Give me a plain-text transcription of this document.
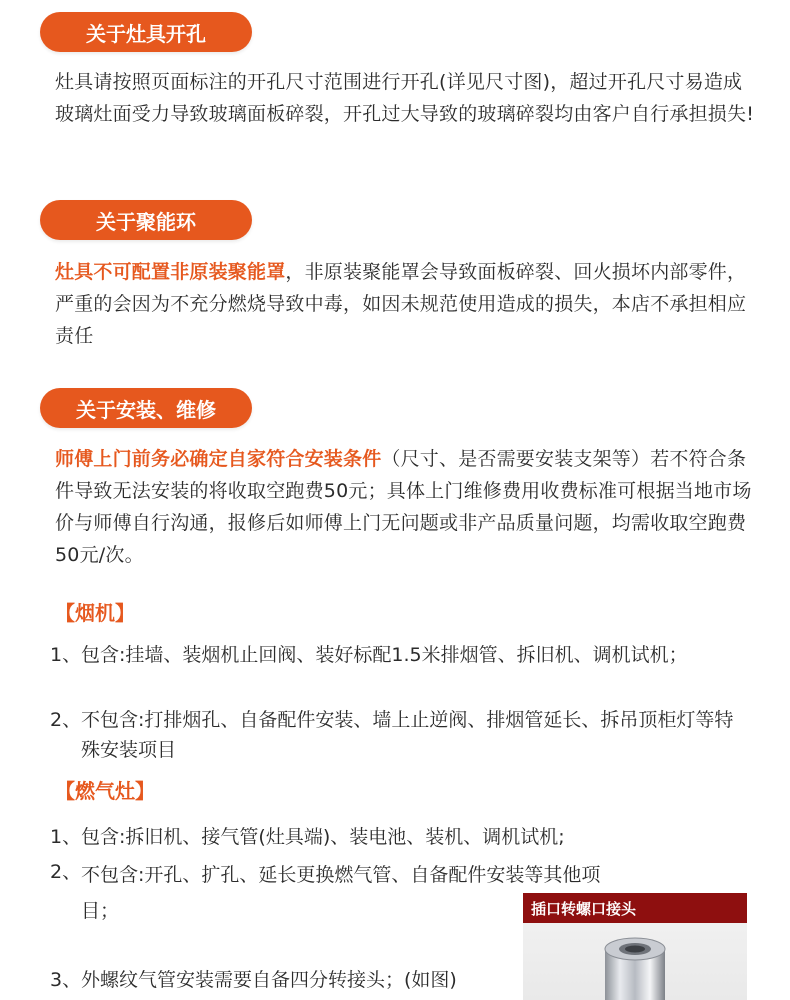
关于灶具开孔
灶具请按照页面标注的开孔尺寸范围进行开孔(详见尺寸图)，超过开孔尺寸易造成玻璃灶面受力导致玻璃面板碎裂，开孔过大导致的玻璃碎裂均由客户自行承担损失!
关于聚能环
灶具不可配置非原装聚能罩，非原装聚能罩会导致面板碎裂、回火损坏内部零件，严重的会因为不充分燃烧导致中毒，如因未规范使用造成的损失，本店不承担相应责任
关于安装、维修
师傅上门前务必确定自家符合安装条件（尺寸、是否需要安装支架等）若不符合条件导致无法安装的将收取空跑费50元；具体上门维修费用收费标准可根据当地市场价与师傅自行沟通，报修后如师傅上门无问题或非产品质量问题，均需收取空跑费50元/次。
【烟机】
1、 包含:挂墙、装烟机止回阀、装好标配1.5米排烟管、拆旧机、调机试机；
2、 不包含:打排烟孔、自备配件安装、墙上止逆阀、排烟管延长、拆吊顶柜灯等特殊安装项目
【燃气灶】
1、 包含:拆旧机、接气管(灶具端)、装电池、装机、调机试机;
2、 不包含:开孔、扩孔、延长更换燃气管、自备配件安装等其他项目；
3、 外螺纹气管安装需要自备四分转接头；(如图)
插口转螺口接头
